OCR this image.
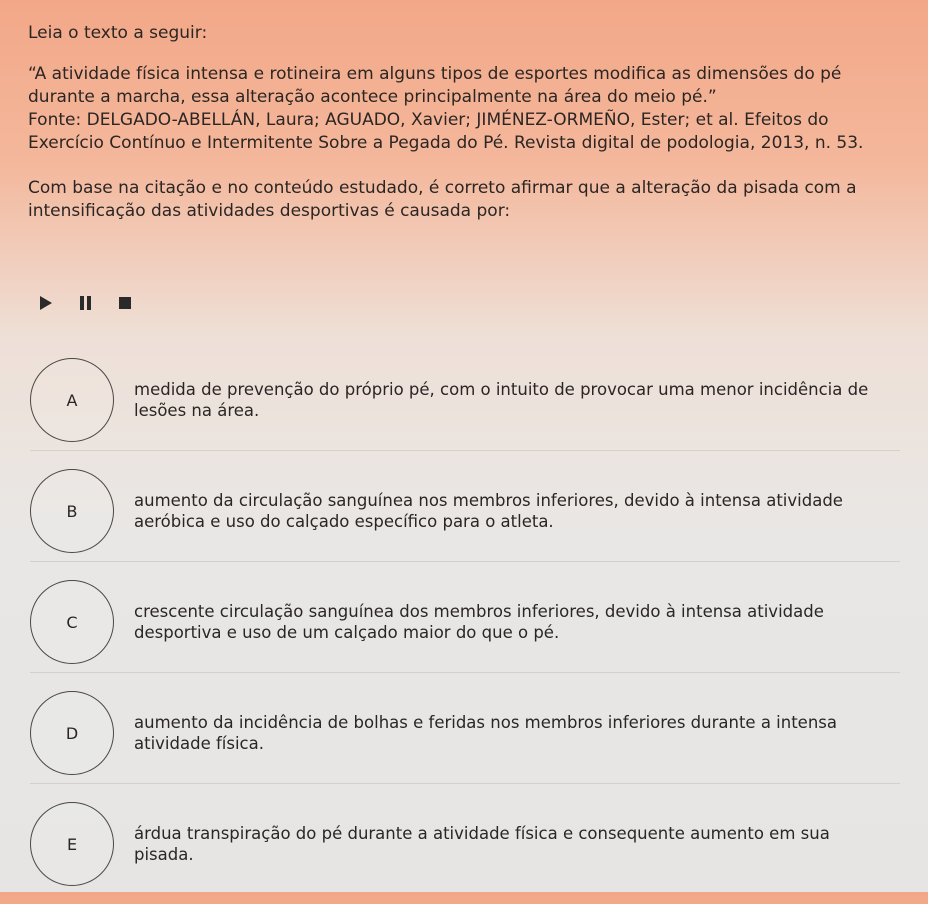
Leia o texto a seguir:

“A atividade física intensa e rotineira em alguns tipos de esportes modifica as dimensões do pé durante a marcha, essa alteração acontece principalmente na área do meio pé.”

Fonte: DELGADO-ABELLÁN, Laura; AGUADO, Xavier; JIMÉNEZ-ORMEÑO, Ester; et al. Efeitos do Exercício Contínuo e Intermitente Sobre a Pegada do Pé. Revista digital de podologia, 2013, n. 53.

Com base na citação e no conteúdo estudado, é correto afirmar que a alteração da pisada com a intensificação das atividades desportivas é causada por:

A
medida de prevenção do próprio pé, com o intuito de provocar uma menor incidência de lesões na área.
B
aumento da circulação sanguínea nos membros inferiores, devido à intensa atividade aeróbica e uso do calçado específico para o atleta.
C
crescente circulação sanguínea dos membros inferiores, devido à intensa atividade desportiva e uso de um calçado maior do que o pé.
D
aumento da incidência de bolhas e feridas nos membros inferiores durante a intensa atividade física.
E
árdua transpiração do pé durante a atividade física e consequente aumento em sua pisada.
